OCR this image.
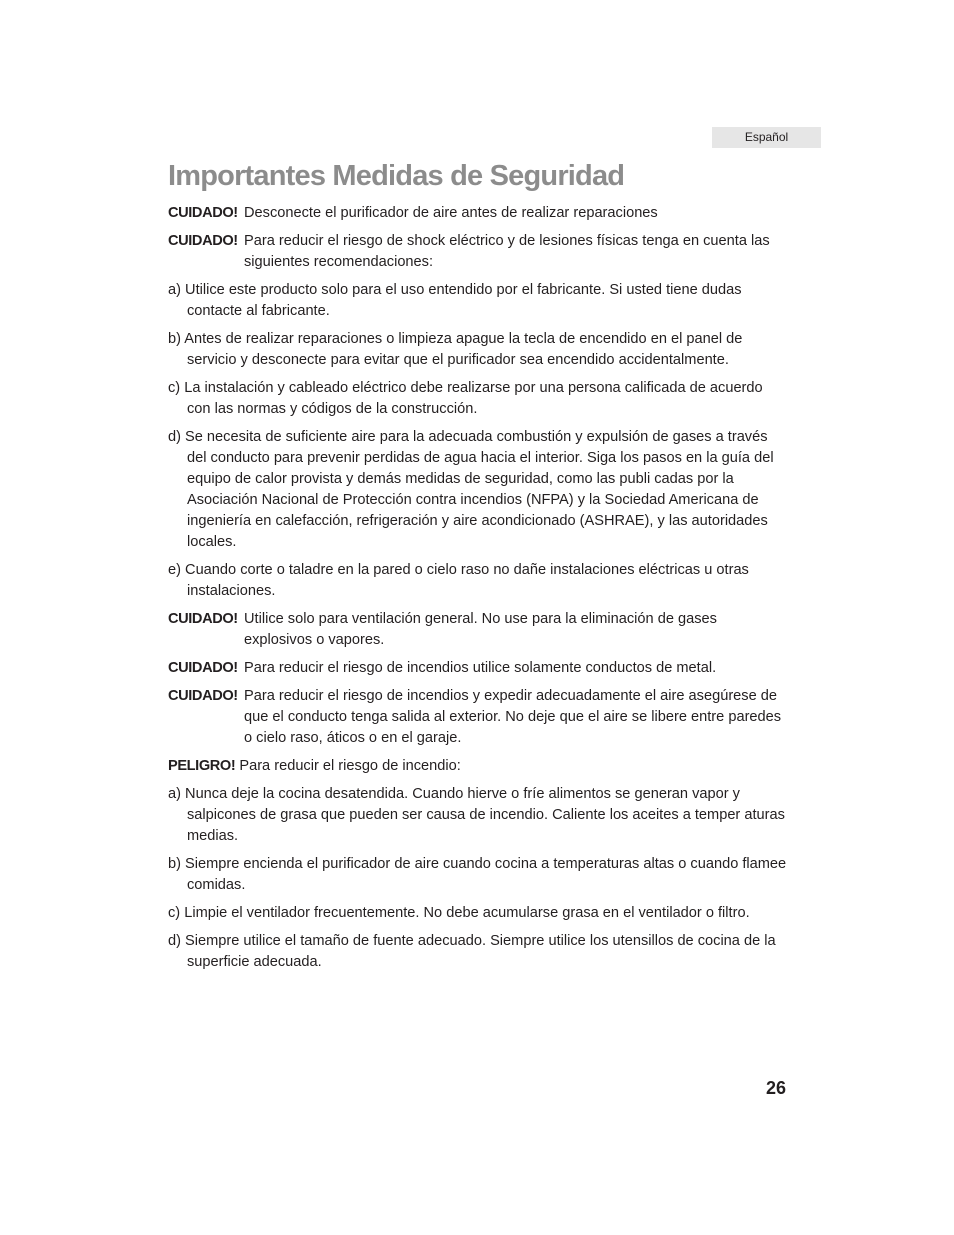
Español
Importantes Medidas de Seguridad
CUIDADO! Desconecte el purificador de aire antes de realizar reparaciones
CUIDADO! Para reducir el riesgo de shock eléctrico y de lesiones físicas tenga en cuenta las siguientes recomendaciones:
a) Utilice este producto solo para el uso entendido por el fabricante. Si usted tiene dudas contacte al fabricante.
b) Antes de realizar reparaciones o limpieza apague la tecla de encendido en el panel de servicio y desconecte para evitar que el purificador sea encendido accidentalmente.
c) La instalación y cableado eléctrico debe realizarse por una persona calificada de acuerdo con las normas y códigos de la construcción.
d) Se necesita de suficiente aire para la adecuada combustión y expulsión de gases a través del conducto para prevenir perdidas de agua hacia el interior. Siga los pasos en la guía del equipo de calor provista y demás medidas de seguridad, como las publi cadas por la Asociación Nacional de Protección contra incendios (NFPA) y la Sociedad Americana de ingeniería en calefacción, refrigeración y aire acondicionado (ASHRAE), y las autoridades locales.
e) Cuando corte o taladre en la pared o cielo raso no dañe instalaciones eléctricas u otras instalaciones.
CUIDADO! Utilice solo para ventilación general. No use para la eliminación de gases explosivos o vapores.
CUIDADO! Para reducir el riesgo de incendios utilice solamente conductos de metal.
CUIDADO! Para reducir el riesgo de incendios y expedir adecuadamente el aire asegúrese de que el conducto tenga salida al exterior. No deje que el aire se libere entre paredes o cielo raso, áticos o en el garaje.
PELIGRO! Para reducir el riesgo de incendio:
a) Nunca deje la cocina desatendida. Cuando hierve o fríe alimentos se generan vapor y salpicones de grasa que pueden ser causa de incendio. Caliente los aceites a temper aturas medias.
b) Siempre encienda el purificador de aire cuando cocina a temperaturas altas o cuando flamee comidas.
c) Limpie el ventilador frecuentemente. No debe acumularse grasa en el ventilador o filtro.
d) Siempre utilice el tamaño de fuente adecuado. Siempre utilice los utensillos de cocina de la superficie adecuada.
26
